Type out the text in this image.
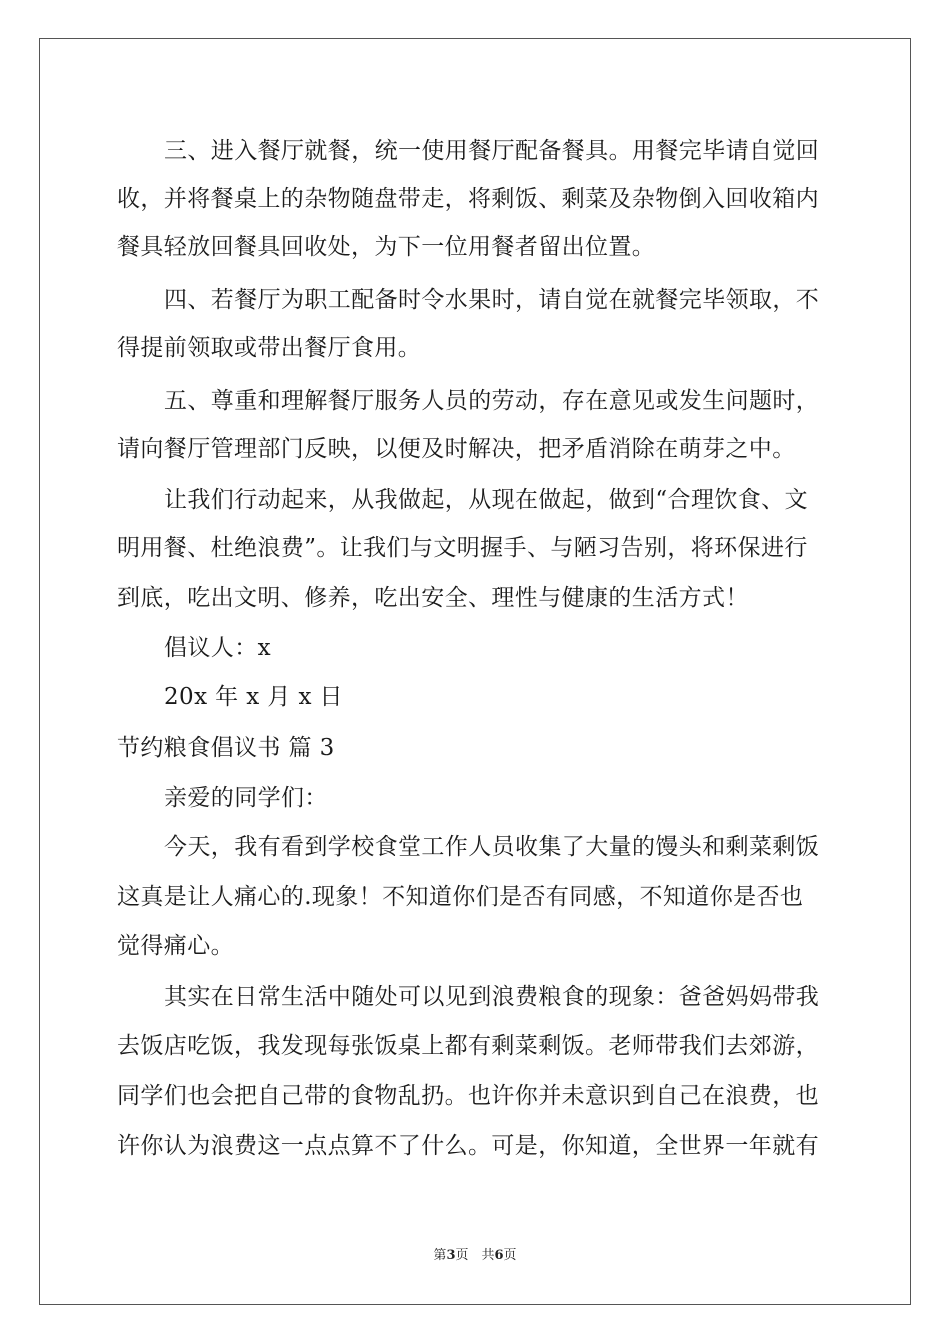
三、进入餐厅就餐，统一使用餐厅配备餐具。用餐完毕请自觉回
收，并将餐桌上的杂物随盘带走，将剩饭、剩菜及杂物倒入回收箱内
餐具轻放回餐具回收处，为下一位用餐者留出位置。
四、若餐厅为职工配备时令水果时，请自觉在就餐完毕领取，不
得提前领取或带出餐厅食用。
五、尊重和理解餐厅服务人员的劳动，存在意见或发生问题时，
请向餐厅管理部门反映，以便及时解决，把矛盾消除在萌芽之中。
让我们行动起来，从我做起，从现在做起，做到“合理饮食、文
明用餐、杜绝浪费”。让我们与文明握手、与陋习告别，将环保进行
到底，吃出文明、修养，吃出安全、理性与健康的生活方式！
倡议人：x
20x 年 x 月 x 日
节约粮食倡议书 篇 3
亲爱的同学们：
今天，我有看到学校食堂工作人员收集了大量的馒头和剩菜剩饭
这真是让人痛心的.现象！不知道你们是否有同感，不知道你是否也
觉得痛心。
其实在日常生活中随处可以见到浪费粮食的现象：爸爸妈妈带我
去饭店吃饭，我发现每张饭桌上都有剩菜剩饭。老师带我们去郊游，
同学们也会把自己带的食物乱扔。也许你并未意识到自己在浪费，也
许你认为浪费这一点点算不了什么。可是，你知道，全世界一年就有
第3页　共6页
